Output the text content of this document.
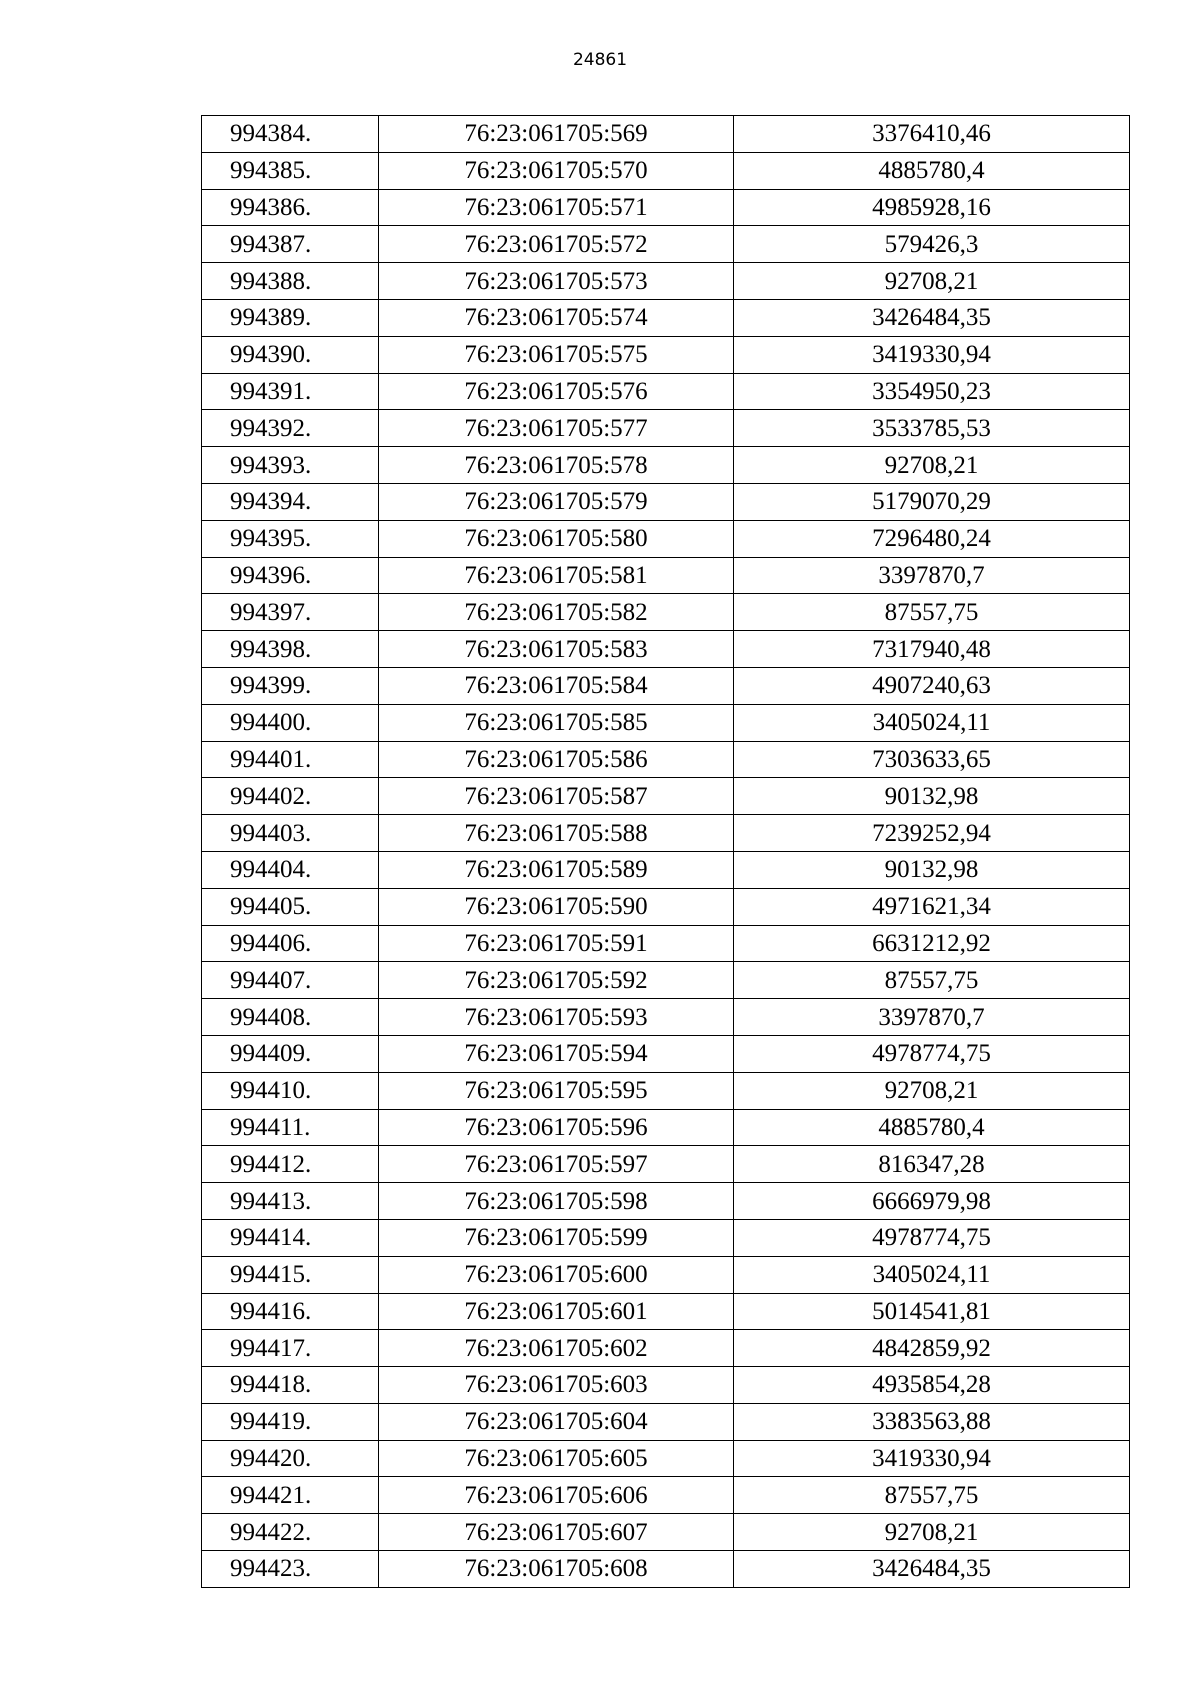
24861
994384.	76:23:061705:569	3376410,46
994385.	76:23:061705:570	4885780,4
994386.	76:23:061705:571	4985928,16
994387.	76:23:061705:572	579426,3
994388.	76:23:061705:573	92708,21
994389.	76:23:061705:574	3426484,35
994390.	76:23:061705:575	3419330,94
994391.	76:23:061705:576	3354950,23
994392.	76:23:061705:577	3533785,53
994393.	76:23:061705:578	92708,21
994394.	76:23:061705:579	5179070,29
994395.	76:23:061705:580	7296480,24
994396.	76:23:061705:581	3397870,7
994397.	76:23:061705:582	87557,75
994398.	76:23:061705:583	7317940,48
994399.	76:23:061705:584	4907240,63
994400.	76:23:061705:585	3405024,11
994401.	76:23:061705:586	7303633,65
994402.	76:23:061705:587	90132,98
994403.	76:23:061705:588	7239252,94
994404.	76:23:061705:589	90132,98
994405.	76:23:061705:590	4971621,34
994406.	76:23:061705:591	6631212,92
994407.	76:23:061705:592	87557,75
994408.	76:23:061705:593	3397870,7
994409.	76:23:061705:594	4978774,75
994410.	76:23:061705:595	92708,21
994411.	76:23:061705:596	4885780,4
994412.	76:23:061705:597	816347,28
994413.	76:23:061705:598	6666979,98
994414.	76:23:061705:599	4978774,75
994415.	76:23:061705:600	3405024,11
994416.	76:23:061705:601	5014541,81
994417.	76:23:061705:602	4842859,92
994418.	76:23:061705:603	4935854,28
994419.	76:23:061705:604	3383563,88
994420.	76:23:061705:605	3419330,94
994421.	76:23:061705:606	87557,75
994422.	76:23:061705:607	92708,21
994423.	76:23:061705:608	3426484,35
